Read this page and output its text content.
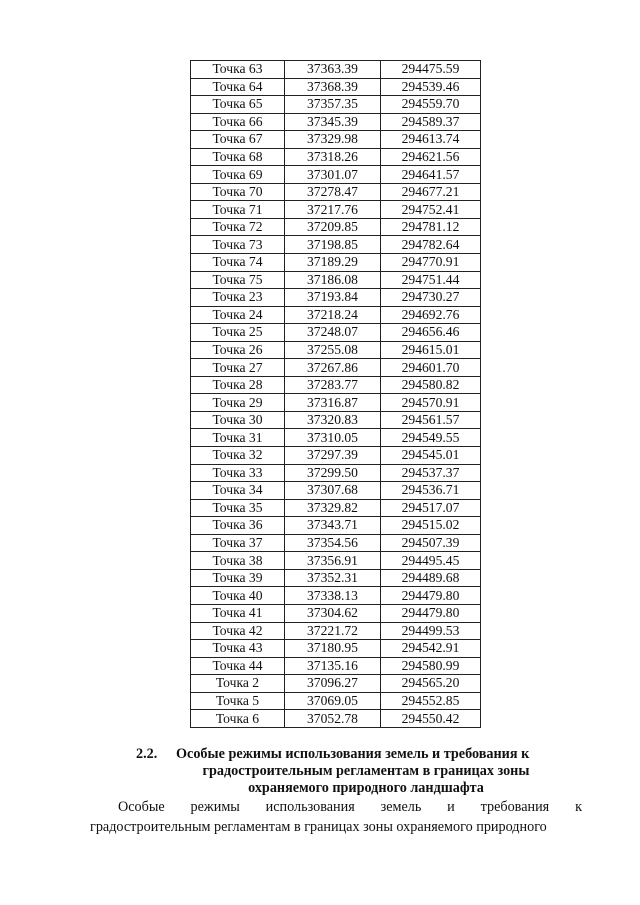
Точка 63	37363.39	294475.59
Точка 64	37368.39	294539.46
Точка 65	37357.35	294559.70
Точка 66	37345.39	294589.37
Точка 67	37329.98	294613.74
Точка 68	37318.26	294621.56
Точка 69	37301.07	294641.57
Точка 70	37278.47	294677.21
Точка 71	37217.76	294752.41
Точка 72	37209.85	294781.12
Точка 73	37198.85	294782.64
Точка 74	37189.29	294770.91
Точка 75	37186.08	294751.44
Точка 23	37193.84	294730.27
Точка 24	37218.24	294692.76
Точка 25	37248.07	294656.46
Точка 26	37255.08	294615.01
Точка 27	37267.86	294601.70
Точка 28	37283.77	294580.82
Точка 29	37316.87	294570.91
Точка 30	37320.83	294561.57
Точка 31	37310.05	294549.55
Точка 32	37297.39	294545.01
Точка 33	37299.50	294537.37
Точка 34	37307.68	294536.71
Точка 35	37329.82	294517.07
Точка 36	37343.71	294515.02
Точка 37	37354.56	294507.39
Точка 38	37356.91	294495.45
Точка 39	37352.31	294489.68
Точка 40	37338.13	294479.80
Точка 41	37304.62	294479.80
Точка 42	37221.72	294499.53
Точка 43	37180.95	294542.91
Точка 44	37135.16	294580.99
Точка 2	37096.27	294565.20
Точка 5	37069.05	294552.85
Точка 6	37052.78	294550.42
2.2. Особые режимы использования земель и требования к
градостроительным регламентам в границах зоны
охраняемого природного ландшафта
Особые режимы использования земель и требования к
градостроительным регламентам в границах зоны охраняемого природного
